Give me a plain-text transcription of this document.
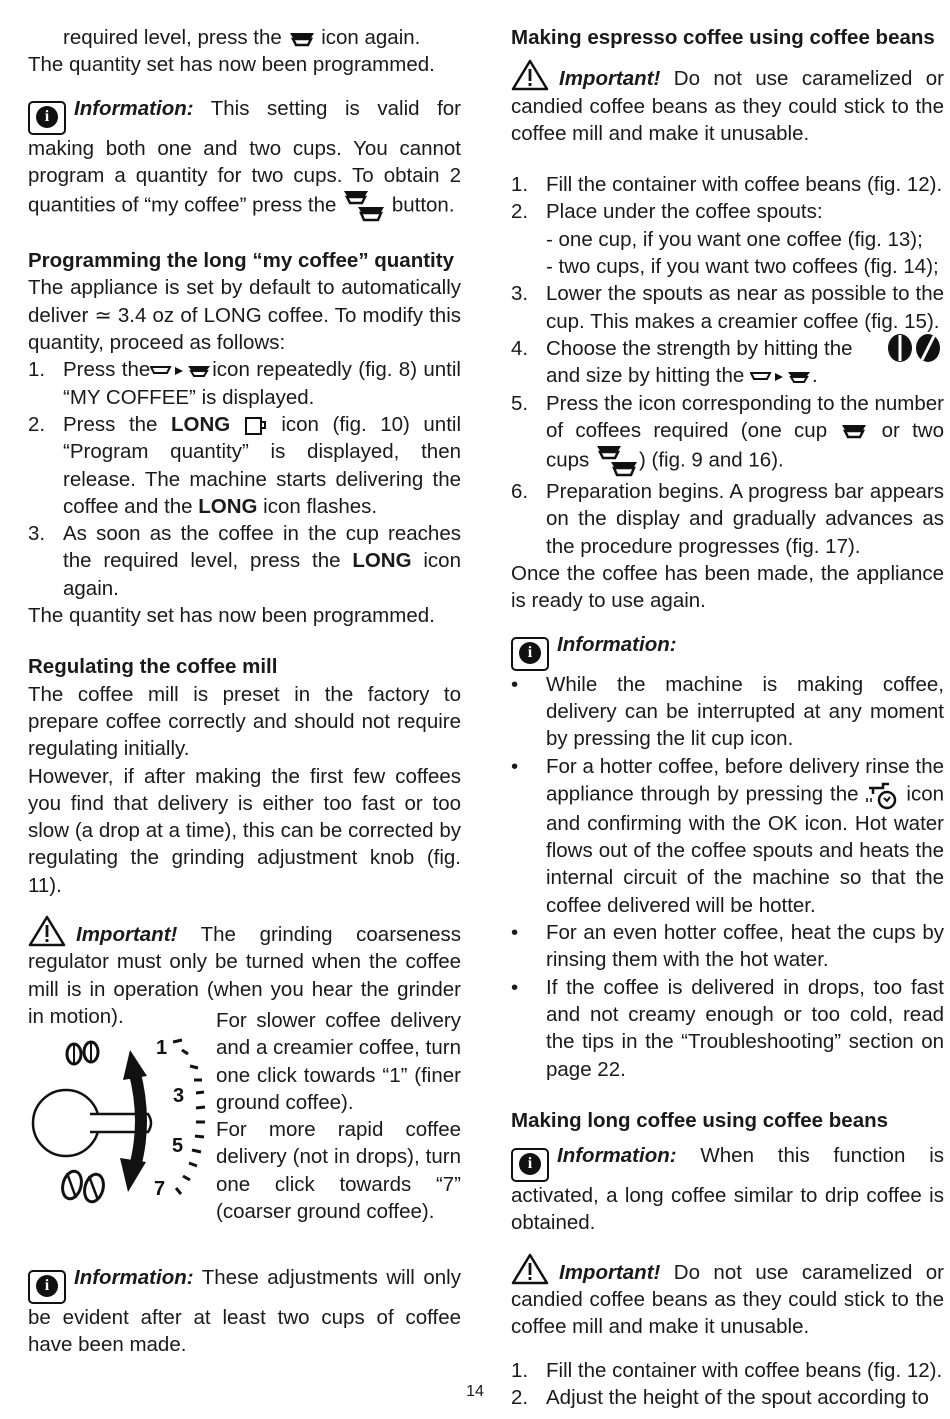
required level, press the icon again.

The quantity set has now been programmed.

i	Information: This setting is valid for making both one and two cups. You cannot program a quantity for two cups. To obtain 2 quantities of “my coffee” press the	button.

Programming the long “my coffee” quantity

The appliance is set by default to automatically deliver ≃ 3.4 oz of LONG coffee. To modify this quantity, proceed as follows:

1. Press the	icon repeatedly (fig. 8) until “MY COFFEE” is displayed.
2. Press the LONG icon (fig. 10) until “Program quantity” is displayed, then release. The machine starts delivering the coffee and the LONG icon flashes.
3. As soon as the coffee in the cup reaches the required level, press the LONG icon again.

The quantity set has now been programmed.

Regulating the coffee mill

The coffee mill is preset in the factory to prepare coffee correctly and should not require regulating initially.

However, if after making the first few coffees you find that delivery is either too fast or too slow (a drop at a time), this can be corrected by regulating the grinding adjustment knob (fig. 11).

Important! The grinding coarseness regulator must only be turned when the coffee mill is in operation (when you hear the grinder in motion).

1
3
5
7

For slower coffee delivery and a creamier coffee, turn one click towards “1” (finer ground coffee).

For more rapid coffee delivery (not in drops), turn one click towards “7” (coarser ground coffee).

i	Information: These adjustments will only be evident after at least two cups of coffee have been made.

Making espresso coffee using coffee beans

Important! Do not use caramelized or candied coffee beans as they could stick to the coffee mill and make it unusable.

1. Fill the container with coffee beans (fig. 12).
2. Place under the coffee spouts:
- one cup, if you want one coffee (fig. 13);
- two cups, if you want two coffees (fig. 14);
3. Lower the spouts as near as possible to the cup. This makes a creamier coffee (fig. 15).
4. Choose the strength by hitting the

and size by hitting the	.
5. Press the icon corresponding to the number of coffees required (one cup	or two cups ) (fig. 9 and 16).
6. Preparation begins. A progress bar appears on the display and gradually advances as the procedure progresses (fig. 17).

Once the coffee has been made, the appliance is ready to use again.

i	Information:

• While the machine is making coffee, delivery can be interrupted at any moment by pressing the lit cup icon.
• For a hotter coffee, before delivery rinse the appliance through by pressing the icon and confirming with the OK icon. Hot water flows out of the coffee spouts and heats the internal circuit of the machine so that the coffee delivered will be hotter.
• For an even hotter coffee, heat the cups by rinsing them with the hot water.
• If the coffee is delivered in drops, too fast and not creamy enough or too cold, read the tips in the “Troubleshooting” section on page 22.

Making long coffee using coffee beans

i	Information: When this function is activated, a long coffee similar to drip coffee is obtained.

Important! Do not use caramelized or candied coffee beans as they could stick to the coffee mill and make it unusable.

1. Fill the container with coffee beans (fig. 12).
2. Adjust the height of the spout according to
14
